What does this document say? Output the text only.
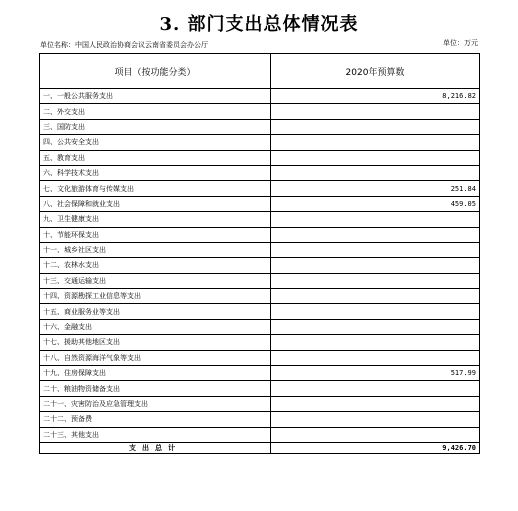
3. 部门支出总体情况表
单位名称：中国人民政治协商会议云南省委员会办公厅	单位：万元
项目（按功能分类）	2020年预算数
一、一般公共服务支出	8,216.82
二、外交支出	
三、国防支出	
四、公共安全支出	
五、教育支出	
六、科学技术支出	
七、文化旅游体育与传媒支出	251.84
八、社会保障和就业支出	459.05
九、卫生健康支出	
十、节能环保支出	
十一、城乡社区支出	
十二、农林水支出	
十三、交通运输支出	
十四、资源勘探工业信息等支出	
十五、商业服务业等支出	
十六、金融支出	
十七、援助其他地区支出	
十八、自然资源海洋气象等支出	
十九、住房保障支出	517.99
二十、粮油物资储备支出	
二十一、灾害防治及应急管理支出	
二十二、预备费	
二十三、其他支出	
支出总计	9,426.70
